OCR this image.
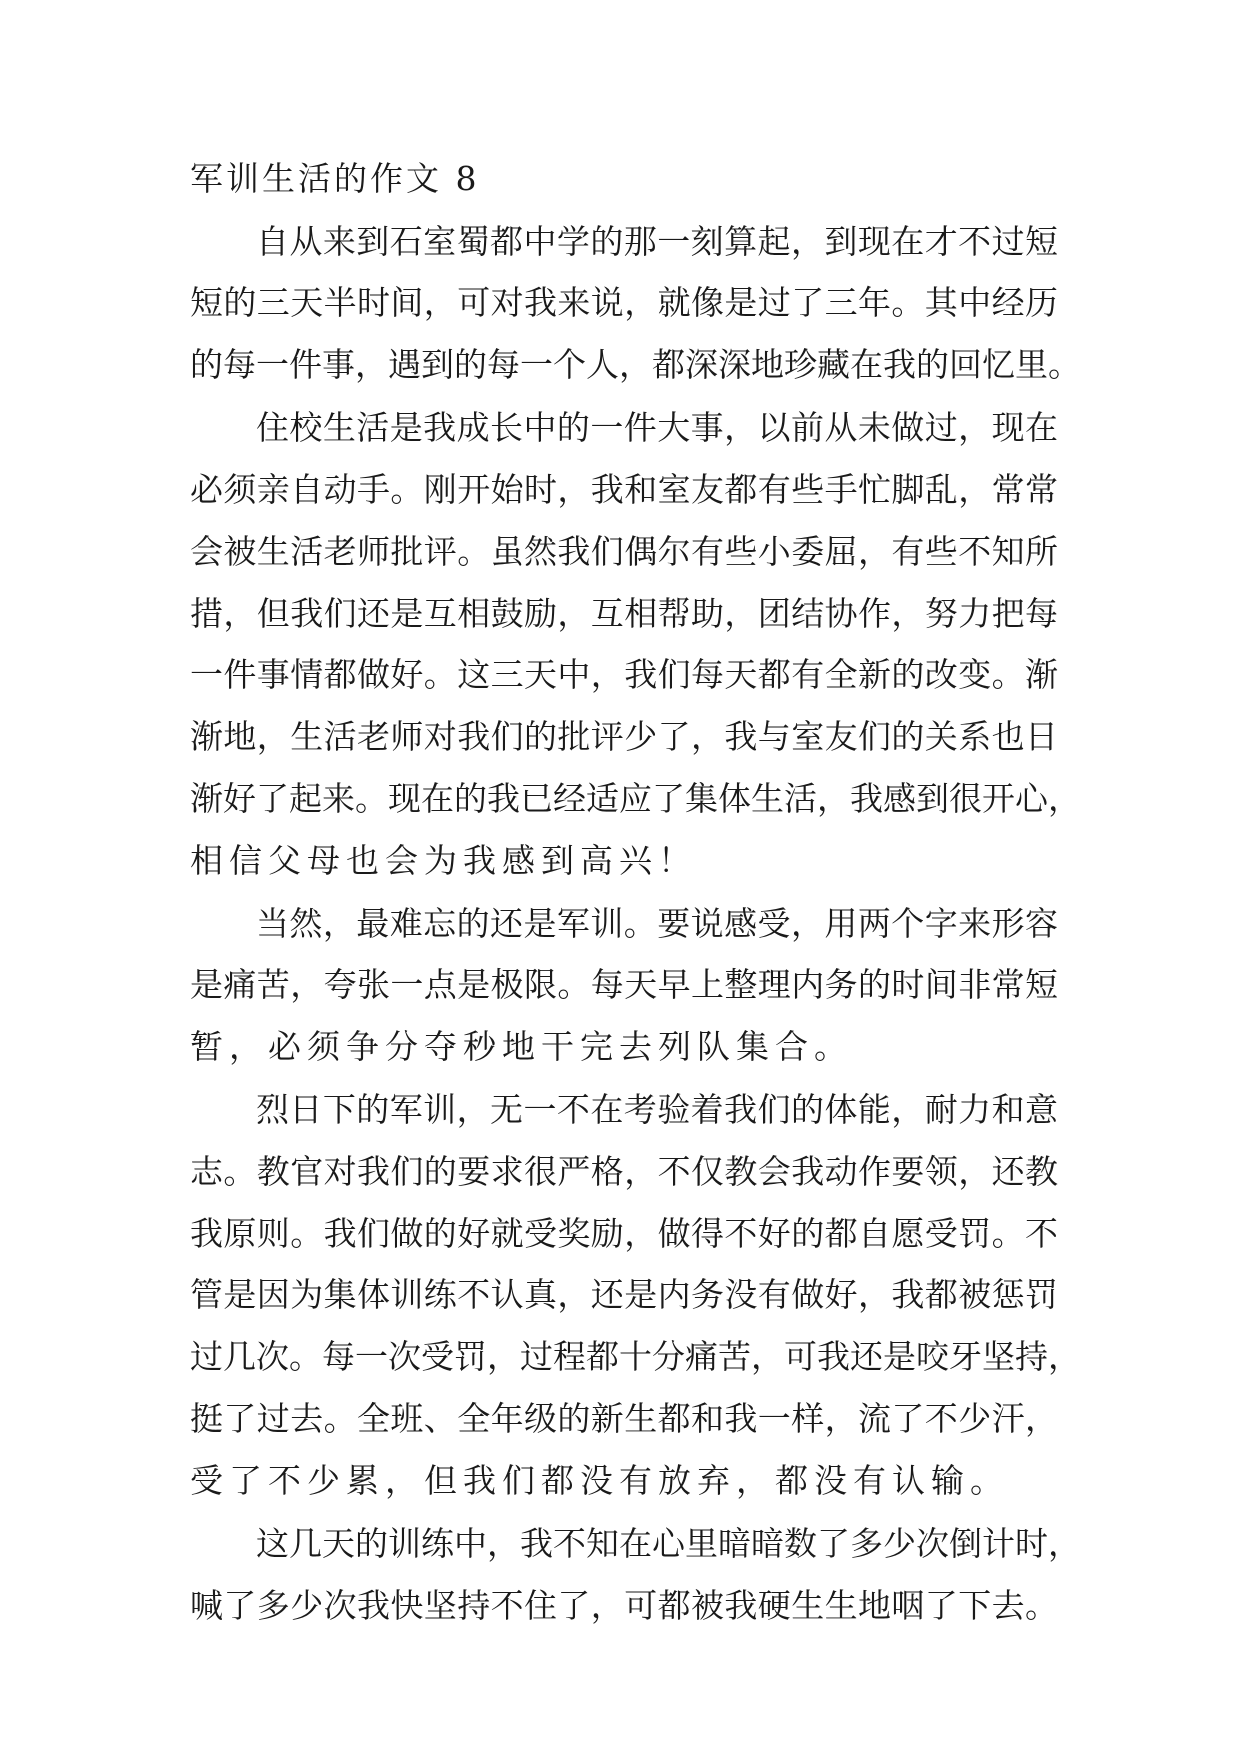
军训生活的作文 8
自从来到石室蜀都中学的那一刻算起，到现在才不过短
短的三天半时间，可对我来说，就像是过了三年。其中经历
的每一件事，遇到的每一个人，都深深地珍藏在我的回忆里。
住校生活是我成长中的一件大事，以前从未做过，现在
必须亲自动手。刚开始时，我和室友都有些手忙脚乱，常常
会被生活老师批评。虽然我们偶尔有些小委屈，有些不知所
措，但我们还是互相鼓励，互相帮助，团结协作，努力把每
一件事情都做好。这三天中，我们每天都有全新的改变。渐
渐地，生活老师对我们的批评少了，我与室友们的关系也日
渐好了起来。现在的我已经适应了集体生活，我感到很开心，
相信父母也会为我感到高兴！
当然，最难忘的还是军训。要说感受，用两个字来形容
是痛苦，夸张一点是极限。每天早上整理内务的时间非常短
暂，必须争分夺秒地干完去列队集合。
烈日下的军训，无一不在考验着我们的体能，耐力和意
志。教官对我们的要求很严格，不仅教会我动作要领，还教
我原则。我们做的好就受奖励，做得不好的都自愿受罚。不
管是因为集体训练不认真，还是内务没有做好，我都被惩罚
过几次。每一次受罚，过程都十分痛苦，可我还是咬牙坚持，
挺了过去。全班、全年级的新生都和我一样，流了不少汗，
受了不少累，但我们都没有放弃，都没有认输。
这几天的训练中，我不知在心里暗暗数了多少次倒计时，
喊了多少次我快坚持不住了，可都被我硬生生地咽了下去。
